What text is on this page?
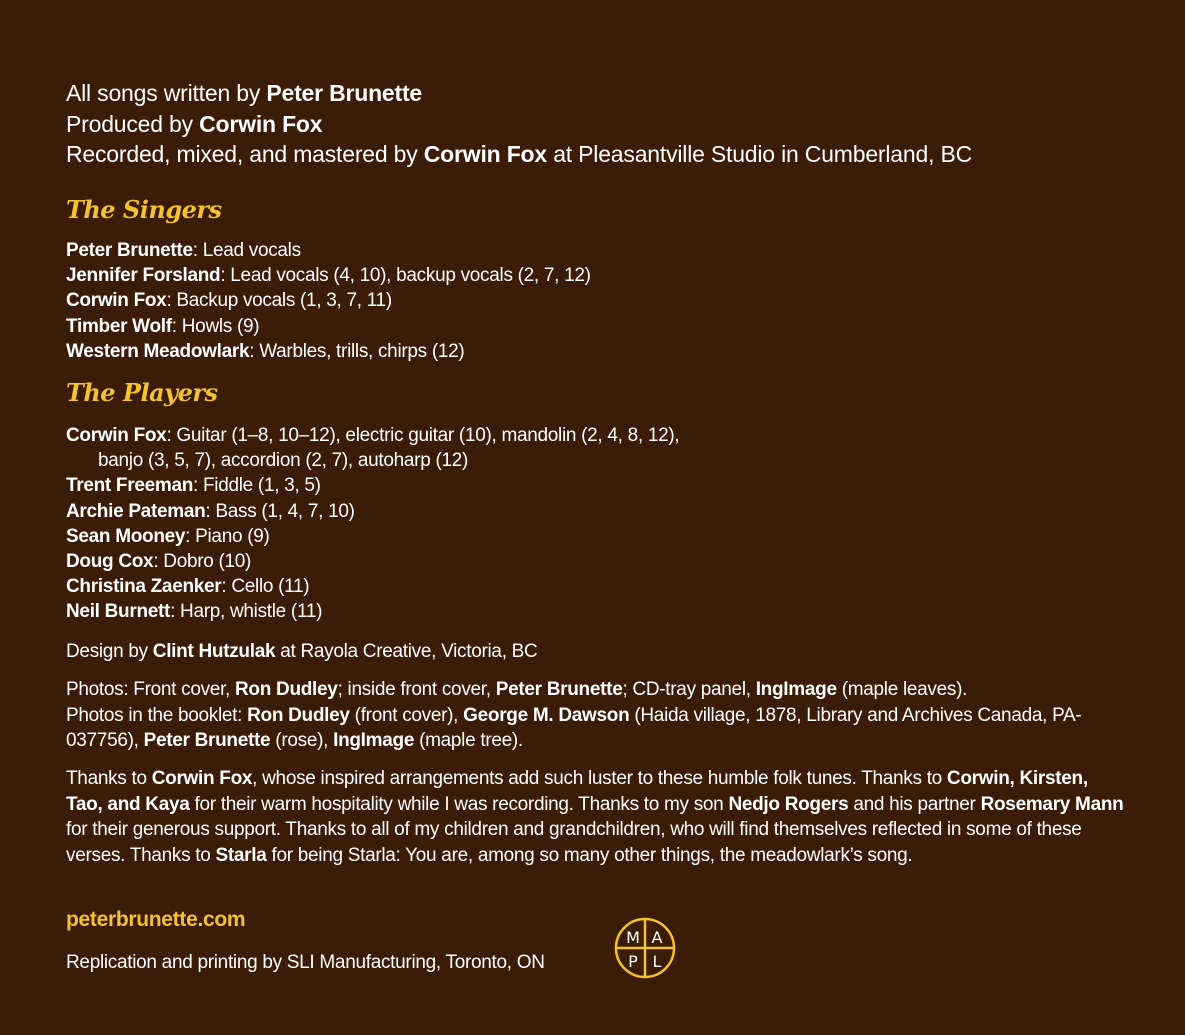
All songs written by Peter Brunette
Produced by Corwin Fox
Recorded, mixed, and mastered by Corwin Fox at Pleasantville Studio in Cumberland, BC
The Singers
Peter Brunette: Lead vocals
Jennifer Forsland: Lead vocals (4, 10), backup vocals (2, 7, 12)
Corwin Fox: Backup vocals (1, 3, 7, 11)
Timber Wolf: Howls (9)
Western Meadowlark: Warbles, trills, chirps (12)
The Players
Corwin Fox: Guitar (1–8, 10–12), electric guitar (10), mandolin (2, 4, 8, 12),
banjo (3, 5, 7), accordion (2, 7), autoharp (12)
Trent Freeman: Fiddle (1, 3, 5)
Archie Pateman: Bass (1, 4, 7, 10)
Sean Mooney: Piano (9)
Doug Cox: Dobro (10)
Christina Zaenker: Cello (11)
Neil Burnett: Harp, whistle (11)
Design by Clint Hutzulak at Rayola Creative, Victoria, BC
Photos: Front cover, Ron Dudley; inside front cover, Peter Brunette; CD-tray panel, IngImage (maple leaves).
Photos in the booklet: Ron Dudley (front cover), George M. Dawson (Haida village, 1878, Library and Archives Canada, PA-037756), Peter Brunette (rose), IngImage (maple tree).
Thanks to Corwin Fox, whose inspired arrangements add such luster to these humble folk tunes. Thanks to Corwin, Kirsten, Tao, and Kaya for their warm hospitality while I was recording. Thanks to my son Nedjo Rogers and his partner Rosemary Mann for their generous support. Thanks to all of my children and grandchildren, who will find themselves reflected in some of these verses. Thanks to Starla for being Starla: You are, among so many other things, the meadowlark’s song.
peterbrunette.com
Replication and printing by SLI Manufacturing, Toronto, ON
M A
P L
